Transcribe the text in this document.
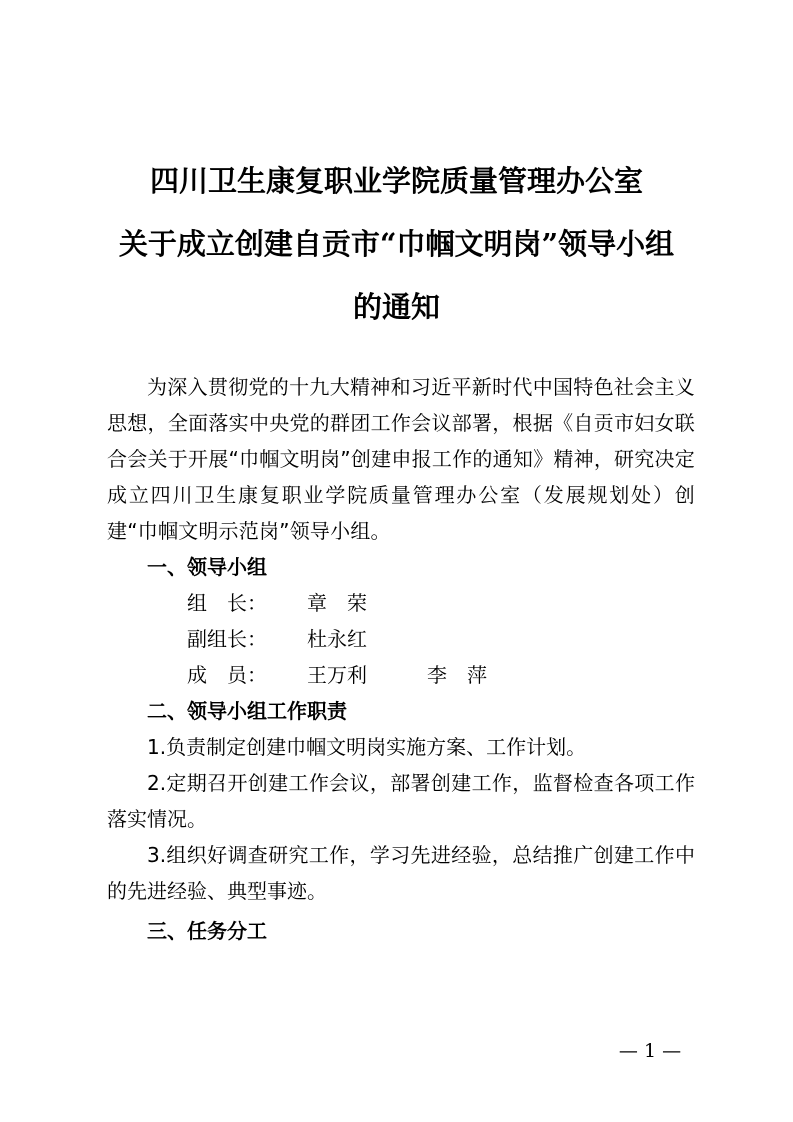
四川卫生康复职业学院质量管理办公室
关于成立创建自贡市“巾帼文明岗”领导小组
的通知

为深入贯彻党的十九大精神和习近平新时代中国特色社会主义思想，全面落实中央党的群团工作会议部署，根据《自贡市妇女联合会关于开展“巾帼文明岗”创建申报工作的通知》精神，研究决定成立四川卫生康复职业学院质量管理办公室（发展规划处）创建“巾帼文明示范岗”领导小组。

一、领导小组

组　长： 章　荣

副组长： 杜永红

成　员： 王万利	李　萍

二、领导小组工作职责

1.负责制定创建巾帼文明岗实施方案、工作计划。

2.定期召开创建工作会议，部署创建工作，监督检查各项工作落实情况。

3.组织好调查研究工作，学习先进经验，总结推广创建工作中的先进经验、典型事迹。

三、任务分工

— 1 —
